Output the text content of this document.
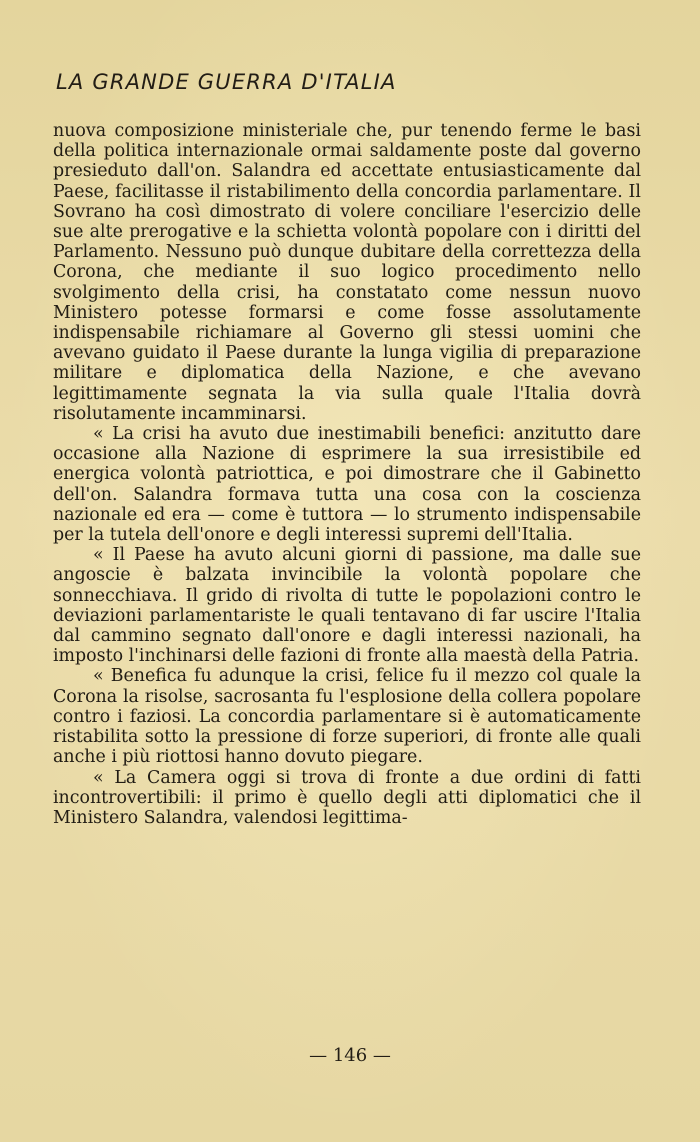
LA GRANDE GUERRA D'ITALIA

nuova composizione ministeriale che, pur tenendo ferme le basi della politica internazionale ormai saldamente poste dal governo presieduto dall'on. Salandra ed accettate entusiasticamente dal Paese, facilitasse il ristabilimento della concordia parlamentare. Il Sovrano ha così dimostrato di volere conciliare l'esercizio delle sue alte prerogative e la schietta volontà popolare con i diritti del Parlamento. Nessuno può dunque dubitare della correttezza della Corona, che mediante il suo logico procedimento nello svolgimento della crisi, ha constatato come nessun nuovo Ministero potesse formarsi e come fosse assolutamente indispensabile richiamare al Governo gli stessi uomini che avevano guidato il Paese durante la lunga vigilia di preparazione militare e diplomatica della Nazione, e che avevano legittimamente segnata la via sulla quale l'Italia dovrà risolutamente incamminarsi.

« La crisi ha avuto due inestimabili benefici: anzitutto dare occasione alla Nazione di esprimere la sua irresistibile ed energica volontà patriottica, e poi dimostrare che il Gabinetto dell'on. Salandra formava tutta una cosa con la coscienza nazionale ed era — come è tuttora — lo strumento indispensabile per la tutela dell'onore e degli interessi supremi dell'Italia.

« Il Paese ha avuto alcuni giorni di passione, ma dalle sue angoscie è balzata invincibile la volontà popolare che sonnecchiava. Il grido di rivolta di tutte le popolazioni contro le deviazioni parlamentariste le quali tentavano di far uscire l'Italia dal cammino segnato dall'onore e dagli interessi nazionali, ha imposto l'inchinarsi delle fazioni di fronte alla maestà della Patria.

« Benefica fu adunque la crisi, felice fu il mezzo col quale la Corona la risolse, sacrosanta fu l'esplosione della collera popolare contro i faziosi. La concordia parlamentare si è automaticamente ristabilita sotto la pressione di forze superiori, di fronte alle quali anche i più riottosi hanno dovuto piegare.

« La Camera oggi si trova di fronte a due ordini di fatti incontrovertibili: il primo è quello degli atti diplomatici che il Ministero Salandra, valendosi legittima-

— 146 —
